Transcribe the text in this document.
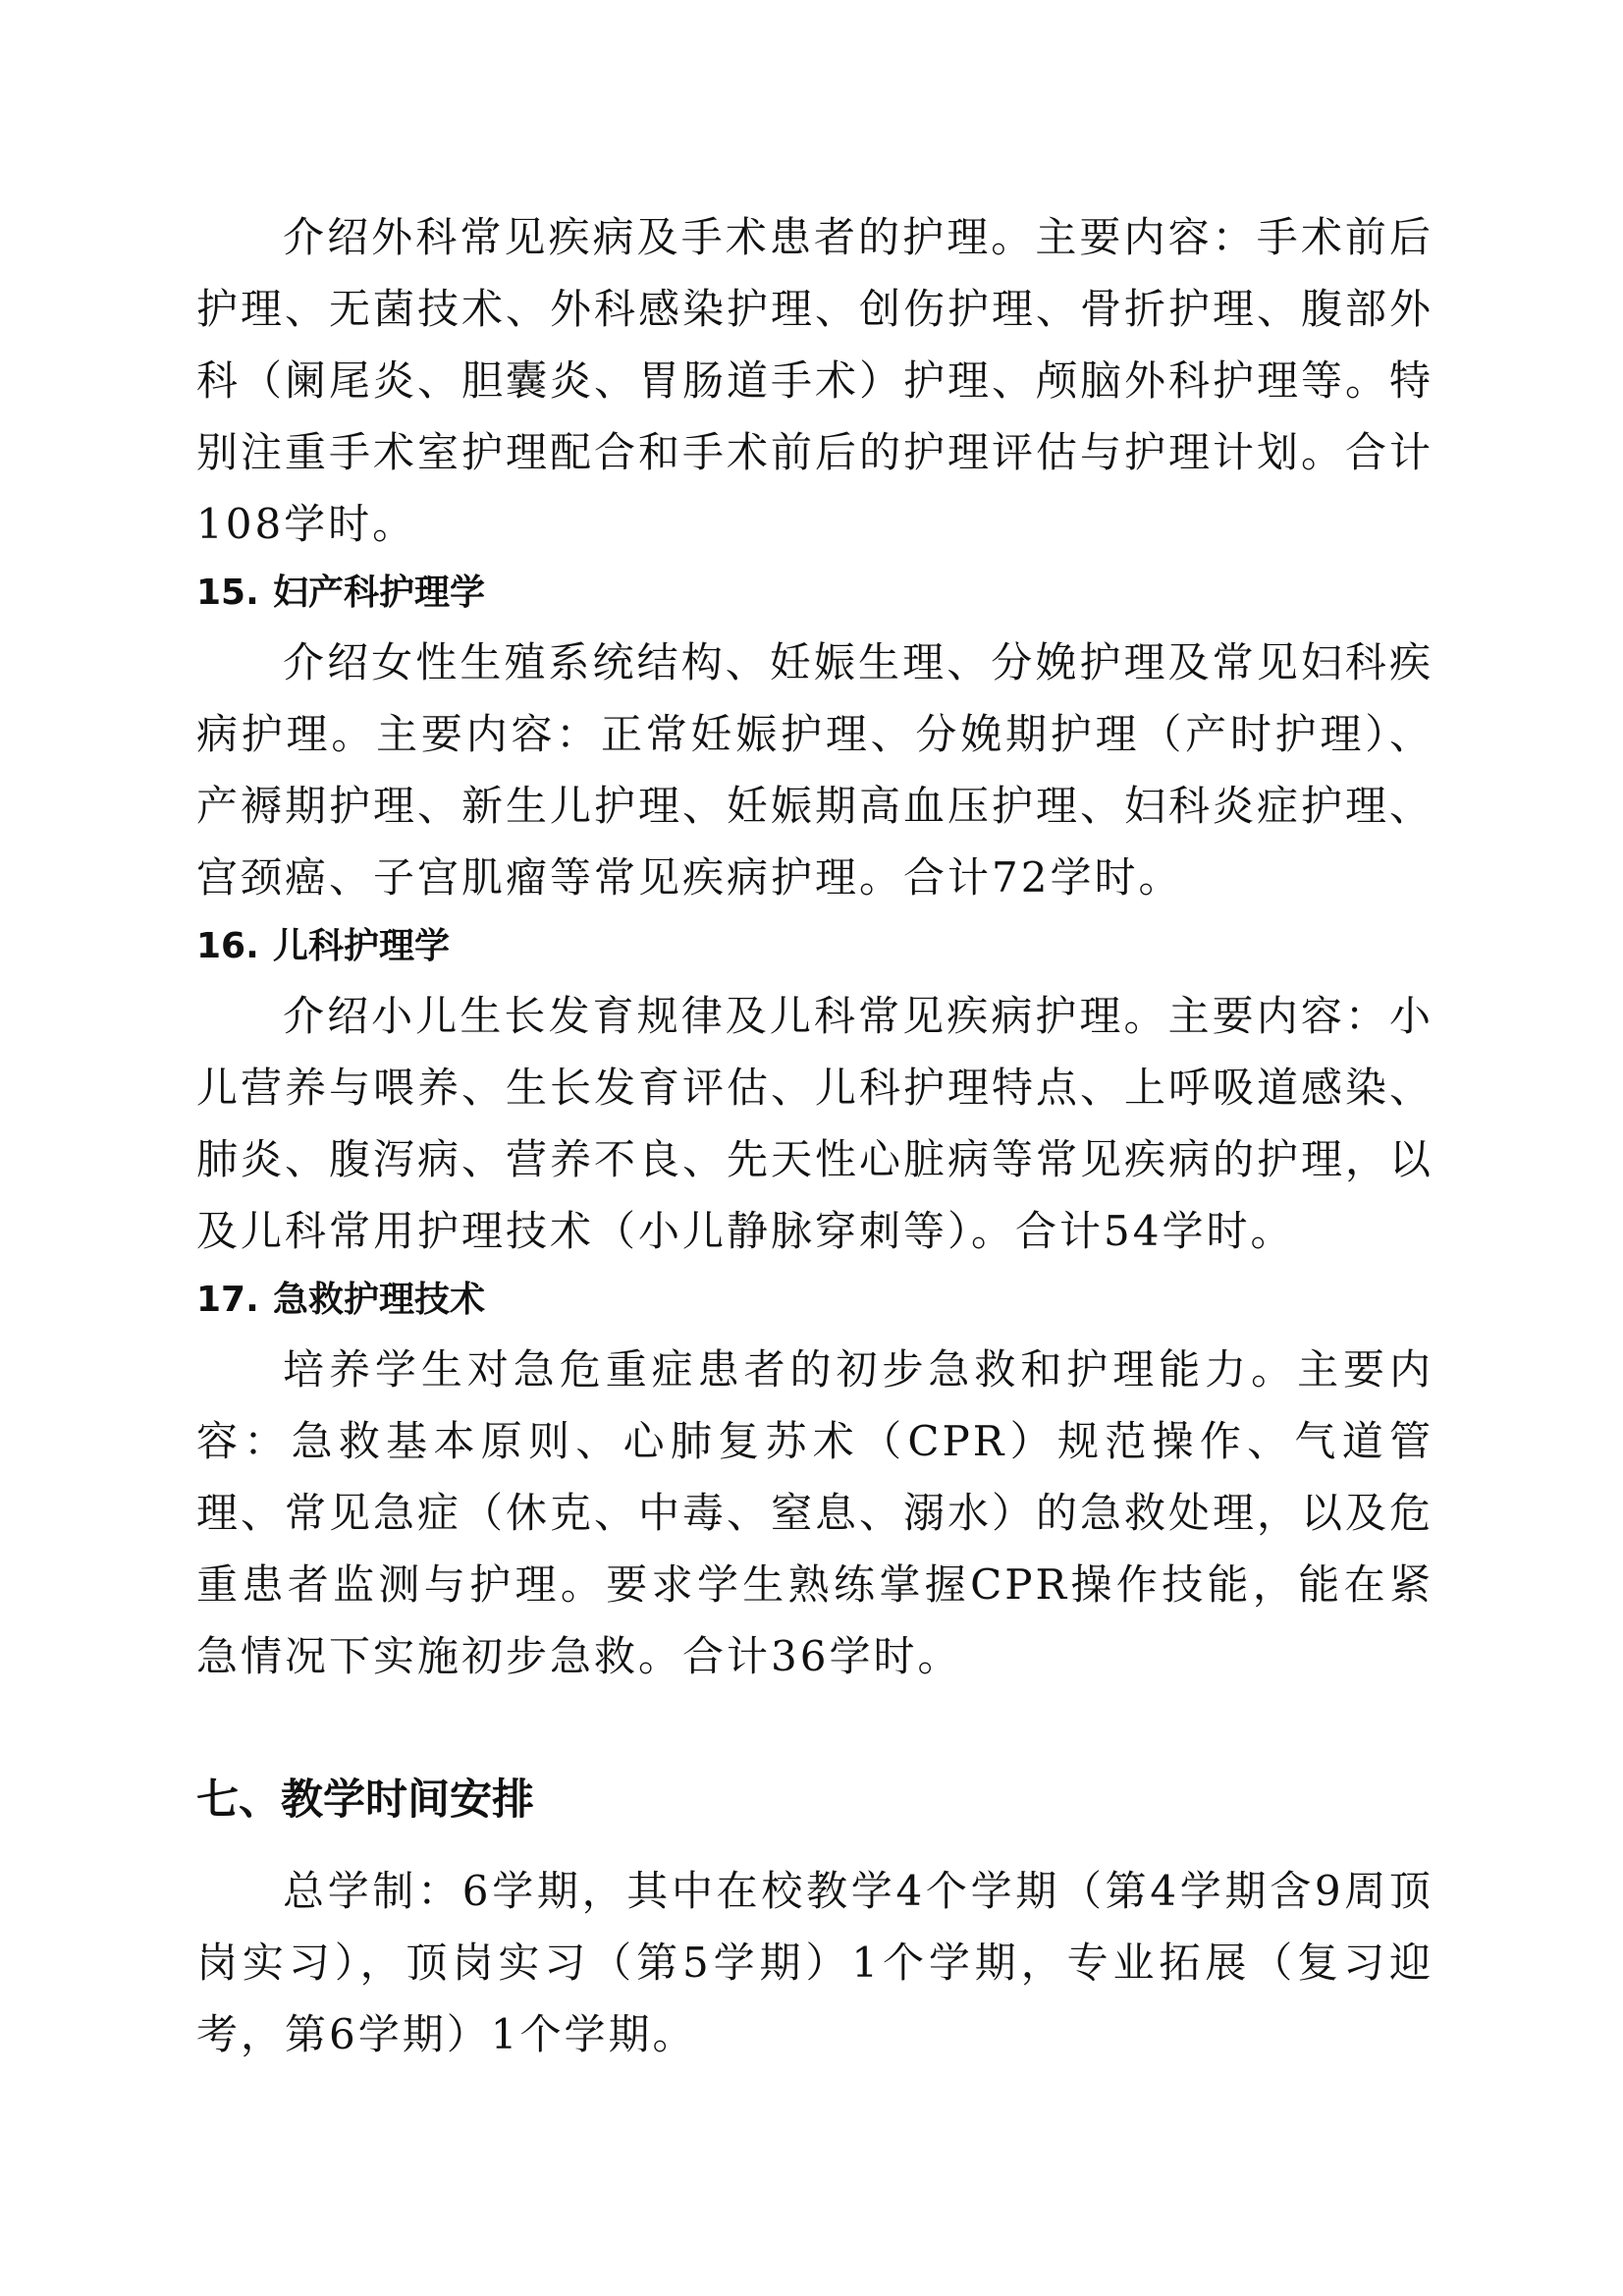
介绍外科常见疾病及手术患者的护理。主要内容：手术前后护理、无菌技术、外科感染护理、创伤护理、骨折护理、腹部外科（阑尾炎、胆囊炎、胃肠道手术）护理、颅脑外科护理等。特别注重手术室护理配合和手术前后的护理评估与护理计划。合计108学时。

15. 妇产科护理学

介绍女性生殖系统结构、妊娠生理、分娩护理及常见妇科疾病护理。主要内容：正常妊娠护理、分娩期护理（产时护理）、产褥期护理、新生儿护理、妊娠期高血压护理、妇科炎症护理、宫颈癌、子宫肌瘤等常见疾病护理。合计72学时。

16. 儿科护理学

介绍小儿生长发育规律及儿科常见疾病护理。主要内容：小儿营养与喂养、生长发育评估、儿科护理特点、上呼吸道感染、肺炎、腹泻病、营养不良、先天性心脏病等常见疾病的护理，以及儿科常用护理技术（小儿静脉穿刺等）。合计54学时。

17. 急救护理技术

培养学生对急危重症患者的初步急救和护理能力。主要内容：急救基本原则、心肺复苏术（CPR）规范操作、气道管理、常见急症（休克、中毒、窒息、溺水）的急救处理，以及危重患者监测与护理。要求学生熟练掌握CPR操作技能，能在紧急情况下实施初步急救。合计36学时。

七、教学时间安排

总学制：6学期，其中在校教学4个学期（第4学期含9周顶岗实习），顶岗实习（第5学期）1个学期，专业拓展（复习迎考，第6学期）1个学期。
